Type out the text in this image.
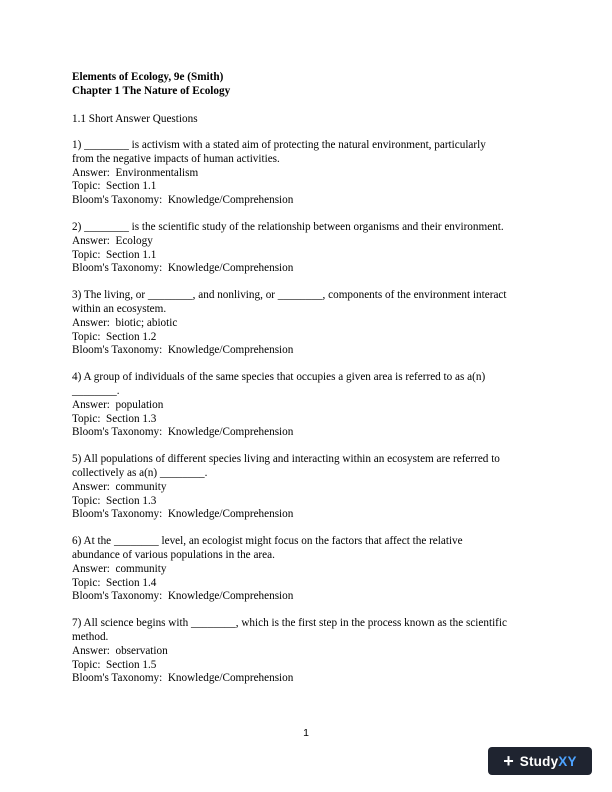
Elements of Ecology, 9e (Smith)

Chapter 1 The Nature of Ecology

1.1 Short Answer Questions

1) ________ is activism with a stated aim of protecting the natural environment, particularly

from the negative impacts of human activities.

Answer:  Environmentalism

Topic:  Section 1.1

Bloom's Taxonomy:  Knowledge/Comprehension

2) ________ is the scientific study of the relationship between organisms and their environment.

Answer:  Ecology

Topic:  Section 1.1

Bloom's Taxonomy:  Knowledge/Comprehension

3) The living, or ________, and nonliving, or ________, components of the environment interact

within an ecosystem.

Answer:  biotic; abiotic

Topic:  Section 1.2

Bloom's Taxonomy:  Knowledge/Comprehension

4) A group of individuals of the same species that occupies a given area is referred to as a(n)

________.

Answer:  population

Topic:  Section 1.3

Bloom's Taxonomy:  Knowledge/Comprehension

5) All populations of different species living and interacting within an ecosystem are referred to

collectively as a(n) ________.

Answer:  community

Topic:  Section 1.3

Bloom's Taxonomy:  Knowledge/Comprehension

6) At the ________ level, an ecologist might focus on the factors that affect the relative

abundance of various populations in the area.

Answer:  community

Topic:  Section 1.4

Bloom's Taxonomy:  Knowledge/Comprehension

7) All science begins with ________, which is the first step in the process known as the scientific

method.

Answer:  observation

Topic:  Section 1.5

Bloom's Taxonomy:  Knowledge/Comprehension

1
+ StudyXY
